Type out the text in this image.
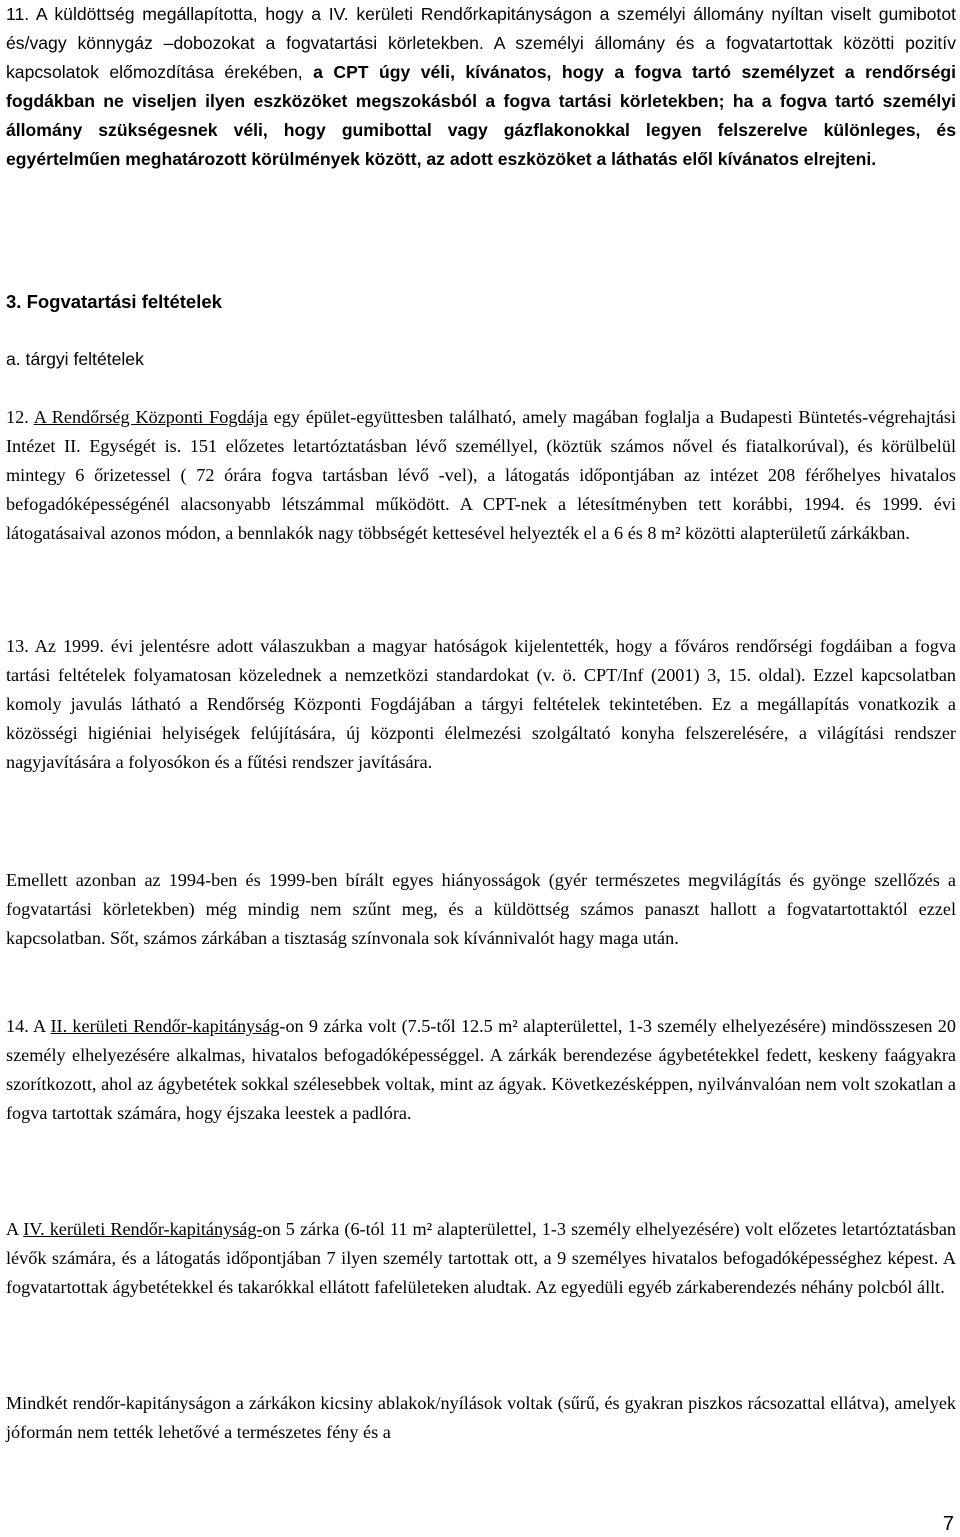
11. A küldöttség megállapította, hogy a IV. kerületi Rendőrkapitányságon a személyi állomány nyíltan viselt gumibotot és/vagy könnygáz –dobozokat a fogvatartási körletekben. A személyi állomány és a fogvatartottak közötti pozitív kapcsolatok előmozdítása érekében, a CPT úgy véli, kívánatos, hogy a fogva tartó személyzet a rendőrségi fogdákban ne viseljen ilyen eszközöket megszokásból a fogva tartási körletekben; ha a fogva tartó személyi állomány szükségesnek véli, hogy gumibottal vagy gázflakonokkal legyen felszerelve különleges, és egyértelműen meghatározott körülmények között, az adott eszközöket a láthatás elől kívánatos elrejteni.

3. Fogvatartási feltételek

a. tárgyi feltételek

12. A Rendőrség Központi Fogdája egy épület-együttesben található, amely magában foglalja a Budapesti Büntetés-végrehajtási Intézet II. Egységét is. 151 előzetes letartóztatásban lévő személlyel, (köztük számos nővel és fiatalkorúval), és körülbelül mintegy 6 őrizetessel ( 72 órára fogva tartásban lévő -vel), a látogatás időpontjában az intézet 208 férőhelyes hivatalos befogadóképességénél alacsonyabb létszámmal működött. A CPT-nek a létesítményben tett korábbi, 1994. és 1999. évi látogatásaival azonos módon, a bennlakók nagy többségét kettesével helyezték el a 6 és 8 m² közötti alapterületű zárkákban.

13. Az 1999. évi jelentésre adott válaszukban a magyar hatóságok kijelentették, hogy a főváros rendőrségi fogdáiban a fogva tartási feltételek folyamatosan közelednek a nemzetközi standardokat (v. ö. CPT/Inf (2001) 3, 15. oldal). Ezzel kapcsolatban komoly javulás látható a Rendőrség Központi Fogdájában a tárgyi feltételek tekintetében. Ez a megállapítás vonatkozik a közösségi higiéniai helyiségek felújítására, új központi élelmezési szolgáltató konyha felszerelésére, a világítási rendszer nagyjavítására a folyosókon és a fűtési rendszer javítására.

Emellett azonban az 1994-ben és 1999-ben bírált egyes hiányosságok (gyér természetes megvilágítás és gyönge szellőzés a fogvatartási körletekben) még mindig nem szűnt meg, és a küldöttség számos panaszt hallott a fogvatartottaktól ezzel kapcsolatban. Sőt, számos zárkában a tisztaság színvonala sok kívánnivalót hagy maga után.

14. A II. kerületi Rendőr-kapitányság-on 9 zárka volt (7.5-től 12.5 m² alapterülettel, 1-3 személy elhelyezésére) mindösszesen 20 személy elhelyezésére alkalmas, hivatalos befogadóképességgel. A zárkák berendezése ágybetétekkel fedett, keskeny faágyakra szorítkozott, ahol az ágybetétek sokkal szélesebbek voltak, mint az ágyak. Következésképpen, nyilvánvalóan nem volt szokatlan a fogva tartottak számára, hogy éjszaka leestek a padlóra.

A IV. kerületi Rendőr-kapitányság-on 5 zárka (6-tól 11 m² alapterülettel, 1-3 személy elhelyezésére) volt előzetes letartóztatásban lévők számára, és a látogatás időpontjában 7 ilyen személy tartottak ott, a 9 személyes hivatalos befogadóképességhez képest. A fogvatartottak ágybetétekkel és takarókkal ellátott fafelületeken aludtak. Az egyedüli egyéb zárkaberendezés néhány polcból állt.

Mindkét rendőr-kapitányságon a zárkákon kicsiny ablakok/nyílások voltak (sűrű, és gyakran piszkos rácsozattal ellátva), amelyek jóformán nem tették lehetővé a természetes fény és a

7
